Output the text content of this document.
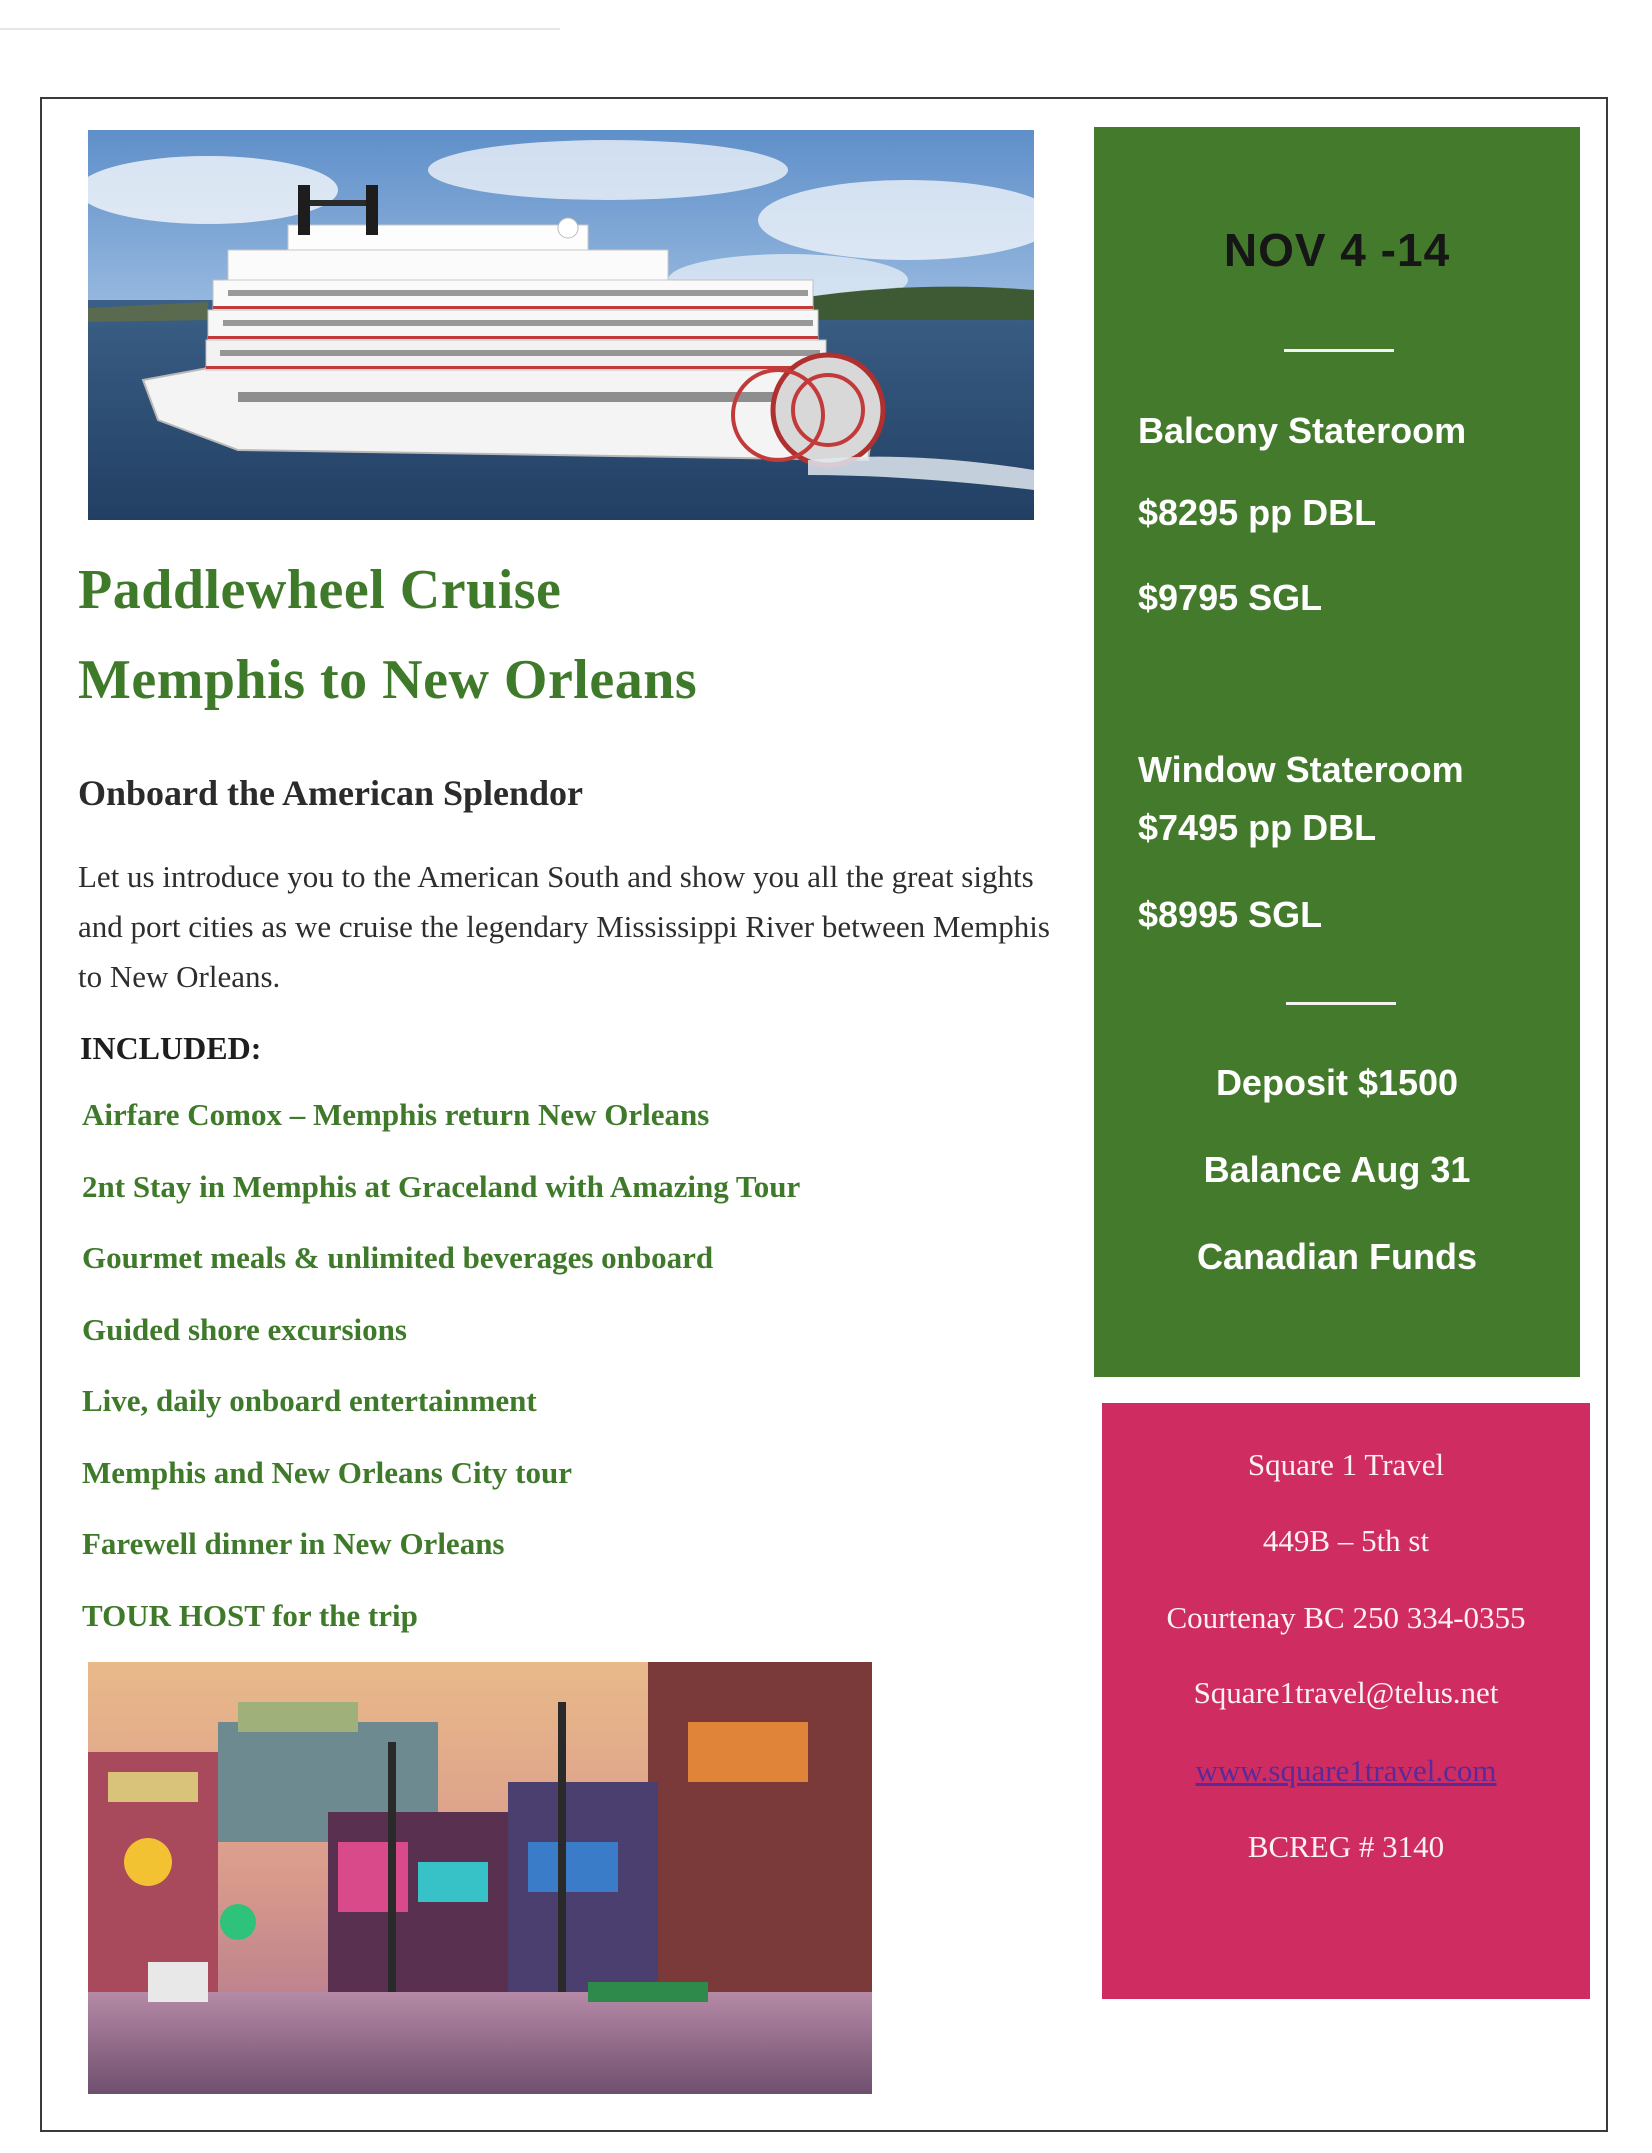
Paddlewheel Cruise
Memphis to New Orleans
Onboard the American Splendor
Let us introduce you to the American South and show you all the great sights and port cities as we cruise the legendary Mississippi River between Memphis to New Orleans.
INCLUDED:
Airfare Comox – Memphis return New Orleans
2nt Stay in Memphis at Graceland with Amazing Tour
Gourmet meals & unlimited beverages onboard
Guided shore excursions
Live, daily onboard entertainment
Memphis and New Orleans City tour
Farewell dinner in New Orleans
TOUR HOST for the trip
NOV 4 -14
Balcony Stateroom
$8295 pp DBL
$9795 SGL
Window Stateroom
$7495 pp DBL
$8995 SGL
Deposit $1500
Balance Aug 31
Canadian Funds
Square 1 Travel
449B – 5th st
Courtenay BC 250 334-0355
Square1travel@telus.net
www.square1travel.com
BCREG # 3140
